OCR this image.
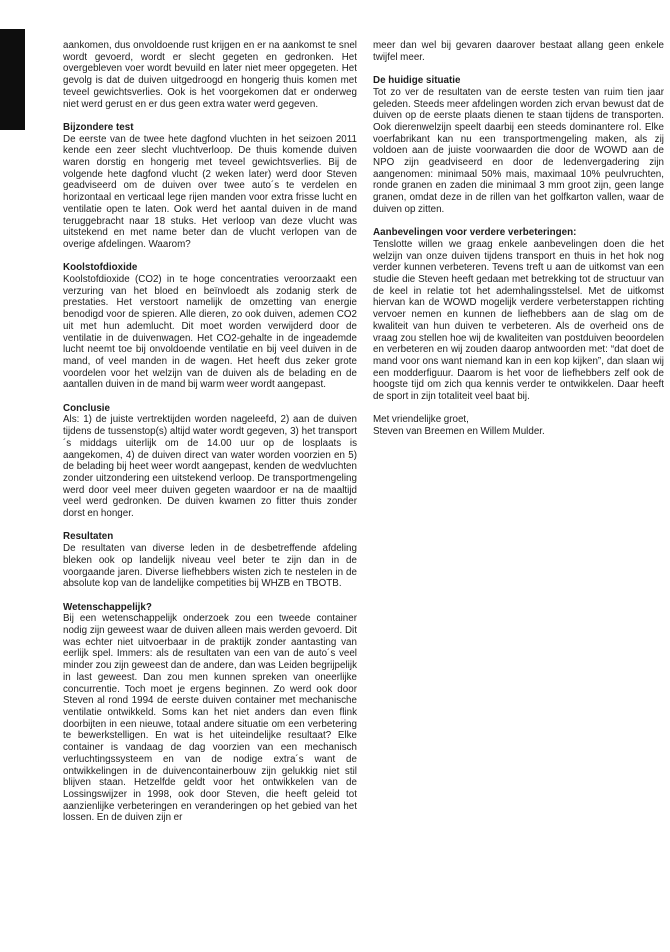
aankomen, dus onvoldoende rust krijgen en er na aankomst te snel wordt gevoerd, wordt er slecht gegeten en gedronken. Het overgebleven voer wordt bevuild en later niet meer opgegeten. Het gevolg is dat de duiven uitgedroogd en hongerig thuis komen met teveel gewichtsverlies. Ook is het voorgekomen dat er onderweg niet werd gerust en er dus geen extra water werd gegeven.

Bijzondere test

De eerste van de twee hete dagfond vluchten in het seizoen 2011 kende een zeer slecht vluchtverloop. De thuis komende duiven waren dorstig en hongerig met teveel gewichtsverlies. Bij de volgende hete dagfond vlucht (2 weken later) werd door Steven geadviseerd om de duiven over twee auto´s te verdelen en horizontaal en verticaal lege rijen manden voor extra frisse lucht en ventilatie open te laten. Ook werd het aantal duiven in de mand teruggebracht naar 18 stuks. Het verloop van deze vlucht was uitstekend en met name beter dan de vlucht verlopen van de overige afdelingen. Waarom?

Koolstofdioxide

Koolstofdioxide (CO2) in te hoge concentraties veroorzaakt een verzuring van het bloed en beïnvloedt als zodanig sterk de prestaties. Het verstoort namelijk de omzetting van energie benodigd voor de spieren. Alle dieren, zo ook duiven, ademen CO2 uit met hun ademlucht. Dit moet worden verwijderd door de ventilatie in de duivenwagen. Het CO2-gehalte in de ingeademde lucht neemt toe bij onvoldoende ventilatie en bij veel duiven in de mand, of veel manden in de wagen. Het heeft dus zeker grote voordelen voor het welzijn van de duiven als de belading en de aantallen duiven in de mand bij warm weer wordt aangepast.

Conclusie

Als: 1) de juiste vertrektijden worden nageleefd, 2) aan de duiven tijdens de tussenstop(s) altijd water wordt gegeven, 3) het transport ´s middags uiterlijk om de 14.00 uur op de losplaats is aangekomen, 4) de duiven direct van water worden voorzien en 5) de belading bij heet weer wordt aangepast, kenden de wedvluchten zonder uitzondering een uitstekend verloop. De transportmengeling werd door veel meer duiven gegeten waardoor er na de maaltijd veel werd gedronken. De duiven kwamen zo fitter thuis zonder dorst en honger.

Resultaten

De resultaten van diverse leden in de desbetreffende afdeling bleken ook op landelijk niveau veel beter te zijn dan in de voorgaande jaren. Diverse liefhebbers wisten zich te nestelen in de absolute kop van de landelijke competities bij WHZB en TBOTB.

Wetenschappelijk?

Bij een wetenschappelijk onderzoek zou een tweede container nodig zijn geweest waar de duiven alleen mais werden gevoerd. Dit was echter niet uitvoerbaar in de praktijk zonder aantasting van eerlijk spel. Immers: als de resultaten van een van de auto´s veel minder zou zijn geweest dan de andere, dan was Leiden begrijpelijk in last geweest. Dan zou men kunnen spreken van oneerlijke concurrentie. Toch moet je ergens beginnen. Zo werd ook door Steven al rond 1994 de eerste duiven container met mechanische ventilatie ontwikkeld. Soms kan het niet anders dan even flink doorbijten in een nieuwe, totaal andere situatie om een verbetering te bewerkstelligen. En wat is het uiteindelijke resultaat? Elke container is vandaag de dag voorzien van een mechanisch verluchtingssysteem en van de nodige extra´s want de ontwikkelingen in de duivencontainerbouw zijn gelukkig niet stil blijven staan. Hetzelfde geldt voor het ontwikkelen van de Lossingswijzer in 1998, ook door Steven, die heeft geleid tot aanzienlijke verbeteringen en veranderingen op het gebied van het lossen. En de duiven zijn er

meer dan wel bij gevaren daarover bestaat allang geen enkele twijfel meer.

De huidige situatie

Tot zo ver de resultaten van de eerste testen van ruim tien jaar geleden. Steeds meer afdelingen worden zich ervan bewust dat de duiven op de eerste plaats dienen te staan tijdens de transporten. Ook dierenwelzijn speelt daarbij een steeds dominantere rol. Elke voerfabrikant kan nu een transportmengeling maken, als zij voldoen aan de juiste voorwaarden die door de WOWD aan de NPO zijn geadviseerd en door de ledenvergadering zijn aangenomen: minimaal 50% mais, maximaal 10% peulvruchten, ronde granen en zaden die minimaal 3 mm groot zijn, geen lange granen, omdat deze in de rillen van het golfkarton vallen, waar de duiven op zitten.

Aanbevelingen voor verdere verbeteringen:

Tenslotte willen we graag enkele aanbevelingen doen die het welzijn van onze duiven tijdens transport en thuis in het hok nog verder kunnen verbeteren. Tevens treft u aan de uitkomst van een studie die Steven heeft gedaan met betrekking tot de structuur van de keel in relatie tot het ademhalingsstelsel. Met de uitkomst hiervan kan de WOWD mogelijk verdere verbeterstappen richting vervoer nemen en kunnen de liefhebbers aan de slag om de kwaliteit van hun duiven te verbeteren. Als de overheid ons de vraag zou stellen hoe wij de kwaliteiten van postduiven beoordelen en verbeteren en wij zouden daarop antwoorden met: “dat doet de mand voor ons want niemand kan in een kop kijken”, dan slaan wij een modderfiguur. Daarom is het voor de liefhebbers zelf ook de hoogste tijd om zich qua kennis verder te ontwikkelen. Daar heeft de sport in zijn totaliteit veel baat bij.

Met vriendelijke groet,

Steven van Breemen en Willem Mulder.
